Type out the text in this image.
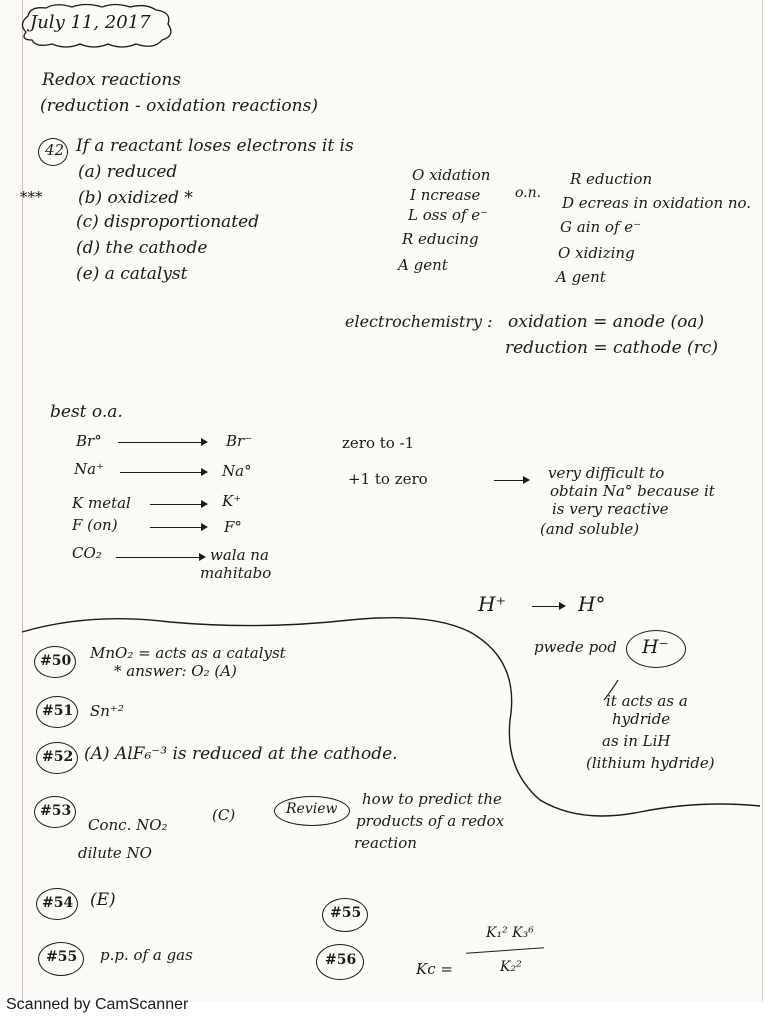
July 11, 2017
Redox reactions
(reduction - oxidation reactions)
42 If a reactant loses electrons it is
***
(a) reduced
(b) oxidized *
(c) disproportionated
(d) the cathode
(e) a catalyst
O xidation
I ncrease
L oss of e⁻
R educing
A gent
o.n.
R eduction
D ecreas in oxidation no.
G ain of e⁻
O xidizing
A gent
electrochemistry : oxidation = anode (oa)
reduction = cathode (rc)
best o.a.
Br°	Br⁻
Na⁺	Na°
K metal	K⁺
F (on)	F°
CO₂	wala na
mahitabo
zero to -1
+1 to zero	very difficult to
obtain Na° because it
is very reactive
(and soluble)
H⁺	H°
pwede pod H⁻
it acts as a
hydride
as in LiH
(lithium hydride)
#50 MnO₂ = acts as a catalyst
* answer: O₂ (A)
#51 Sn⁺²
#52 (A) AlF₆⁻³ is reduced at the cathode.
#53
Conc. NO₂
dilute NO
(C)	Review
how to predict the
products of a redox
reaction
#54 (E)
#55
#55 p.p. of a gas	#56	Kc =
K₁² K₃⁶
K₂²
Scanned by CamScanner
